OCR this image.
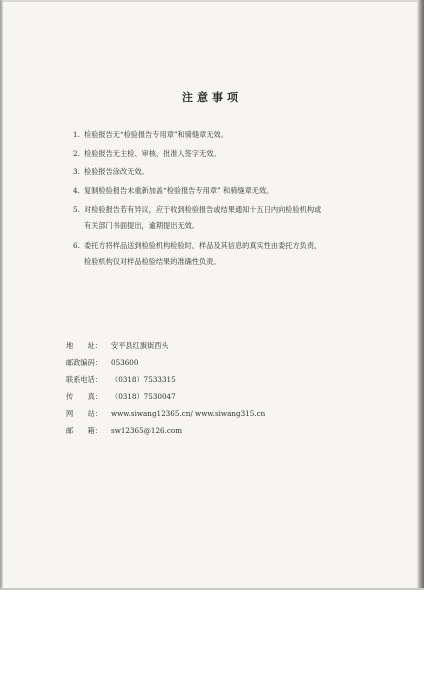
注意事项
1. 检验报告无“检验报告专用章”和骑缝章无效。
2. 检验报告无主检、审核、批准人签字无效。
3. 检验报告涂改无效。
4. 复制检验报告未重新加盖“检验报告专用章” 和骑缝章无效。
5. 对检验报告若有异议，应于收到检验报告或结果通知十五日内向检验机构或
有关部门书面提出，逾期提出无效。
6. 委托方将样品送到检验机构检验时，样品及其信息的真实性由委托方负责，
检验机构仅对样品检验结果的准确性负责。
地　　址： 安平县红旗街西头
邮政编码： 053600
联系电话： （0318）7533315
传　　真： （0318）7530047
网　　站： www.siwang12365.cn/ www.siwang315.cn
邮　　箱： sw12365@126.com
